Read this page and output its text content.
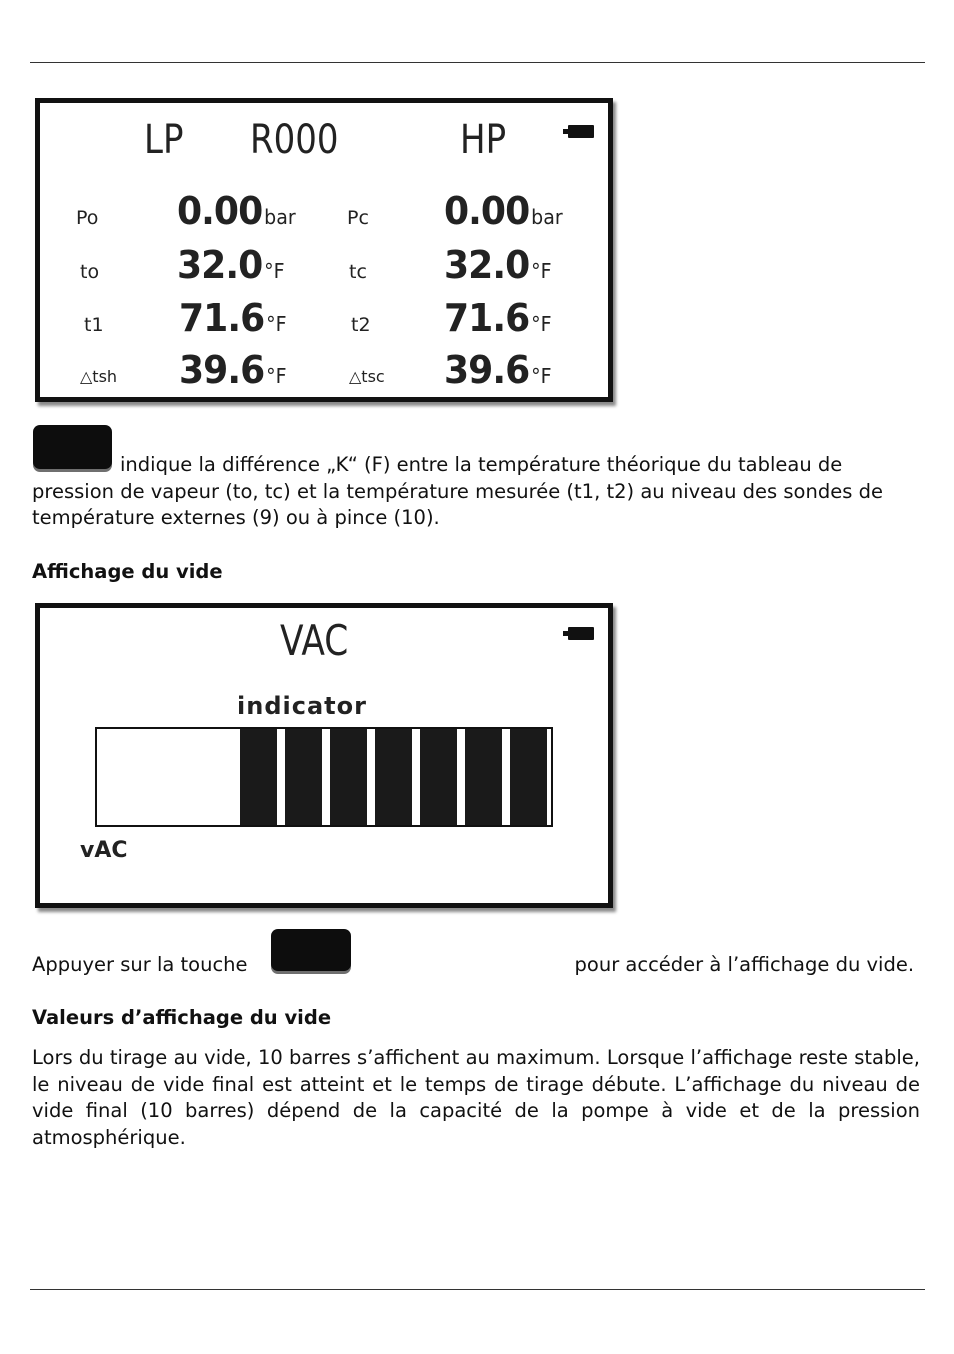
LP R000	HP
Po 0.00bar	Pc 0.00bar
to 32.0°F	tc 32.0°F
t1 71.6°F	t2 71.6°F
△tsh 39.6°F	△tsc 39.6°F
indique la différence „K“ (F) entre la température théorique du tableau de pression de vapeur (to, tc) et la température mesurée (t1, t2) au niveau des sondes de température externes (9) ou à pince (10).
Affichage du vide
VAC
indicator
vAC
Appuyer sur la touche	pour accéder à l’affichage du vide.
Valeurs d’affichage du vide
Lors du tirage au vide, 10 barres s’affichent au maximum. Lorsque l’affichage reste stable, le niveau de vide final est atteint et le temps de tirage débute. L’affichage du niveau de vide final (10 barres) dépend de la capacité de la pompe à vide et de la pression atmosphérique.
